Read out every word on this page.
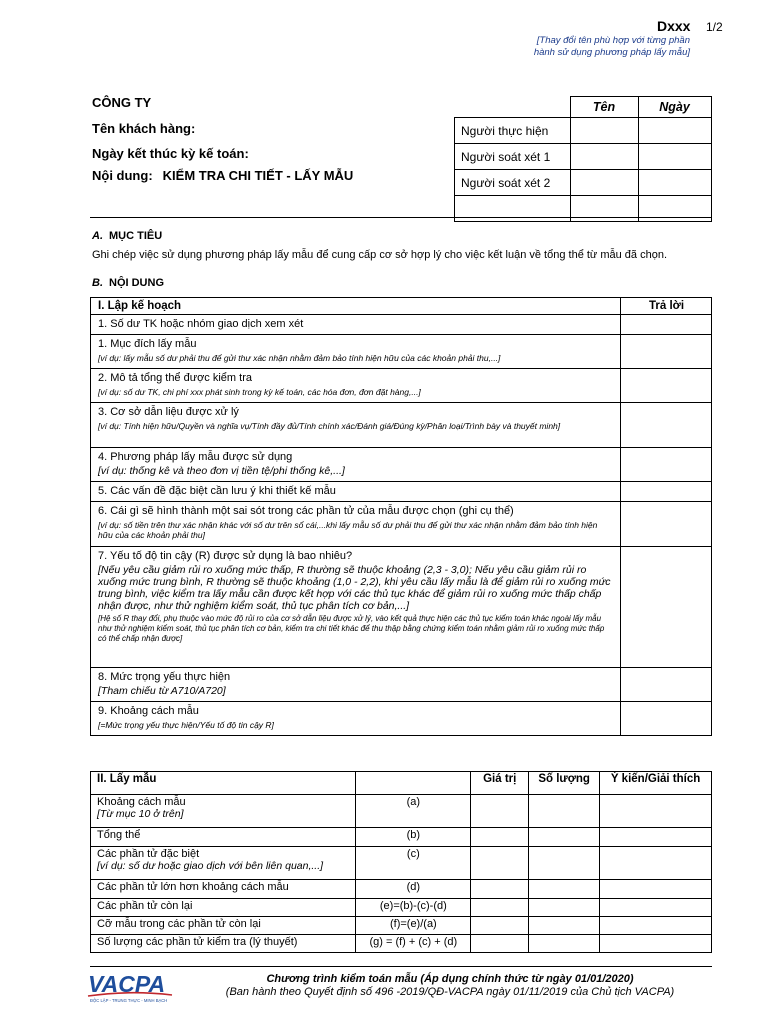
Dxxx 1/2
[Thay đổi tên phù hợp với từng phần
hành sử dụng phương pháp lấy mẫu]
CÔNG TY
Tên khách hàng:
Ngày kết thúc kỳ kế toán:
Nội dung: KIỂM TRA CHI TIẾT - LẤY MẪU
	Tên	Ngày
Người thực hiện		
Người soát xét 1		
Người soát xét 2		

A. MỤC TIÊU
Ghi chép việc sử dụng phương pháp lấy mẫu để cung cấp cơ sở hợp lý cho việc kết luận về tổng thể từ mẫu đã chọn.
B. NỘI DUNG
I. Lập kế hoạch	Trả lời

1. Số dư TK hoặc nhóm giao dịch xem xét	

1. Mục đích lấy mẫu
[ví dụ: lấy mẫu số dư phải thu để gửi thư xác nhận nhằm đảm bảo tính hiện hữu của các khoản phải thu,...]	

2. Mô tả tổng thể được kiểm tra
[ví dụ: số dư TK, chi phí xxx phát sinh trong kỳ kế toán, các hóa đơn, đơn đặt hàng,...]	

3. Cơ sở dẫn liệu được xử lý
[ví dụ: Tính hiện hữu/Quyền và nghĩa vụ/Tính đầy đủ/Tính chính xác/Đánh giá/Đúng kỳ/Phân loại/Trình bày và thuyết minh]	

4. Phương pháp lấy mẫu được sử dụng
[ví dụ: thống kê và theo đơn vị tiền tệ/phi thống kê,...]	

5. Các vấn đề đặc biệt cần lưu ý khi thiết kế mẫu	

6. Cái gì sẽ hình thành một sai sót trong các phần tử của mẫu được chọn (ghi cụ thể)
[ví dụ: số tiền trên thư xác nhận khác với số dư trên sổ cái,...khi lấy mẫu số dư phải thu để gửi thư xác nhận nhằm đảm bảo tính hiện hữu của các khoản phải thu]	

7. Yếu tố độ tin cậy (R) được sử dụng là bao nhiêu?
[Nếu yêu cầu giảm rủi ro xuống mức thấp, R thường sẽ thuộc khoảng (2,3 - 3,0); Nếu yêu cầu giảm rủi ro xuống mức trung bình, R thường sẽ thuộc khoảng (1,0 - 2,2), khi yêu cầu lấy mẫu là để giảm rủi ro xuống mức trung bình, việc kiểm tra lấy mẫu cần được kết hợp với các thủ tục khác để giảm rủi ro xuống mức thấp chấp nhận được, như thử nghiệm kiểm soát, thủ tục phân tích cơ bản,...]
[Hệ số R thay đổi, phụ thuộc vào mức độ rủi ro của cơ sở dẫn liệu được xử lý, vào kết quả thực hiện các thủ tục kiểm toán khác ngoài lấy mẫu như thử nghiệm kiểm soát, thủ tục phân tích cơ bản, kiểm tra chi tiết khác để thu thập bằng chứng kiểm toán nhằm giảm rủi ro xuống mức thấp có thể chấp nhận được]	

8. Mức trọng yếu thực hiện
[Tham chiếu từ A710/A720]	

9. Khoảng cách mẫu
[=Mức trọng yếu thực hiện/Yếu tố độ tin cậy R]	

II. Lấy mẫu		Giá trị	Số lượng	Ý kiến/Giải thích

Khoảng cách mẫu
[Từ mục 10 ở trên]	(a)			

Tổng thể	(b)			

Các phần tử đặc biệt
[ví dụ: số dư hoặc giao dịch với bên liên quan,...]	(c)			

Các phần tử lớn hơn khoảng cách mẫu	(d)			

Các phần tử còn lại	(e)=(b)-(c)-(d)			

Cỡ mẫu trong các phần tử còn lại	(f)=(e)/(a)			

Số lượng các phần tử kiểm tra (lý thuyết)	(g) = (f) + (c) + (d)			
VACPA
ĐỘC LẬP - TRUNG THỰC - MINH BẠCH
Chương trình kiểm toán mẫu (Áp dụng chính thức từ ngày 01/01/2020)
(Ban hành theo Quyết định số 496 -2019/QĐ-VACPA ngày 01/11/2019 của Chủ tịch VACPA)
